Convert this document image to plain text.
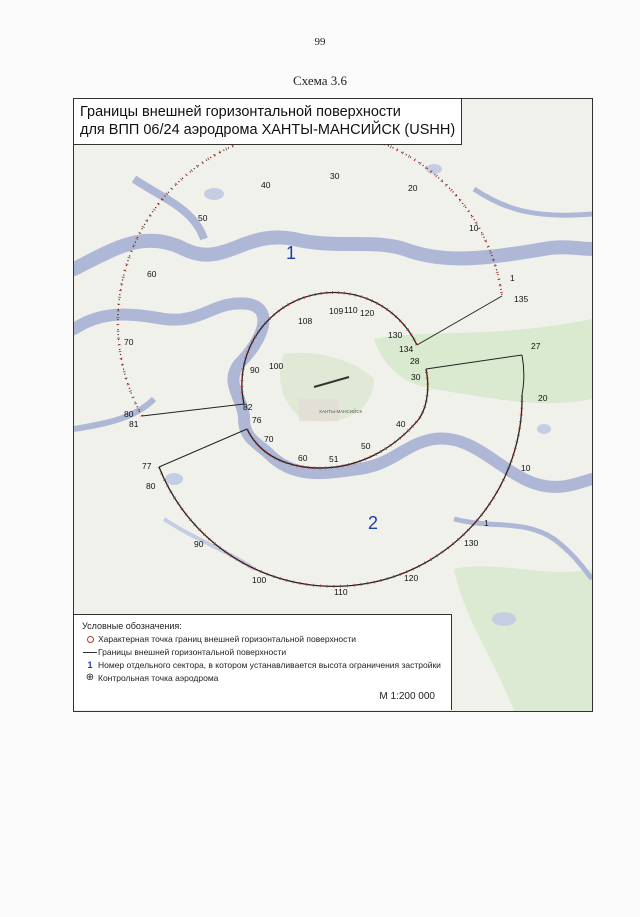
99
Схема 3.6
ХАНТЫ-МАНСИЙСК
1
2
40
30
20
10
50
60	1
135
70	27
20
80
81
10
77
80
1
90	130
100	120
110
109 110 120
108
100
130
134
28
90
30
82
76	40
70
50
60	51
Границы внешней горизонтальной поверхности
для ВПП 06/24 аэродрома ХАНТЫ-МАНСИЙСК (USHH)
Условные обозначения:
Характерная точка границ внешней горизонтальной поверхности
Границы внешней горизонтальной поверхности
1 Номер отдельного сектора, в котором устанавливается высота ограничения застройки
⊕ Контрольная точка аэродрома
М 1:200 000
